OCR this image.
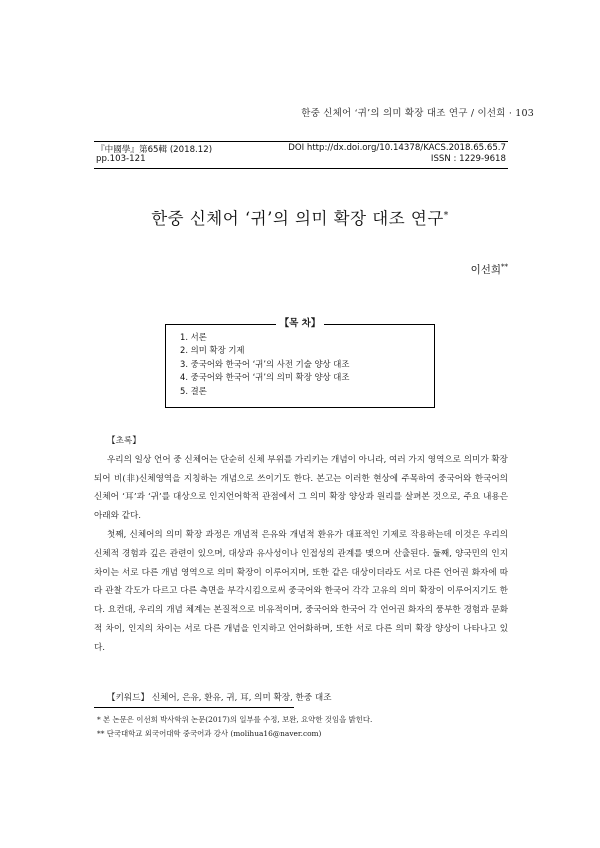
한중 신체어 ‘귀’의 의미 확장 대조 연구 / 이선희 · 103
『中國學』第65輯 (2018.12)	DOI http://dx.doi.org/10.14378/KACS.2018.65.65.7
pp.103-121	ISSN : 1229-9618
한중 신체어 ‘귀’의 의미 확장 대조 연구*
이선희**
【목 차】
1. 서론
2. 의미 확장 기제
3. 중국어와 한국어 ‘귀’의 사전 기술 양상 대조
4. 중국어와 한국어 ‘귀’의 의미 확장 양상 대조
5. 결론

【초록】

우리의 일상 언어 중 신체어는 단순히 신체 부위를 가리키는 개념이 아니라, 여러 가지 영역으로 의미가 확장되어 비(非)신체영역을 지칭하는 개념으로 쓰이기도 한다. 본고는 이러한 현상에 주목하여 중국어와 한국어의 신체어 ‘耳’과 ‘귀’를 대상으로 인지언어학적 관점에서 그 의미 확장 양상과 원리를 살펴본 것으로, 주요 내용은 아래와 같다.

첫째, 신체어의 의미 확장 과정은 개념적 은유와 개념적 환유가 대표적인 기제로 작용하는데 이것은 우리의 신체적 경험과 깊은 관련이 있으며, 대상과 유사성이나 인접성의 관계를 맺으며 산출된다. 둘째, 양국민의 인지 차이는 서로 다른 개념 영역으로 의미 확장이 이루어지며, 또한 같은 대상이더라도 서로 다른 언어권 화자에 따라 관찰 각도가 다르고 다른 측면을 부각시킴으로써 중국어와 한국어 각각 고유의 의미 확장이 이루어지기도 한다. 요컨대, 우리의 개념 체계는 본질적으로 비유적이며, 중국어와 한국어 각 언어권 화자의 풍부한 경험과 문화적 차이, 인지의 차이는 서로 다른 개념을 인지하고 언어화하며, 또한 서로 다른 의미 확장 양상이 나타나고 있다.

【키워드】 신체어, 은유, 환유, 귀, 耳, 의미 확장, 한중 대조
* 본 논문은 이선희 박사학위 논문(2017)의 일부를 수정, 보완, 요약한 것임을 밝힌다.
** 단국대학교 외국어대학 중국어과 강사 (molihua16@naver.com)
